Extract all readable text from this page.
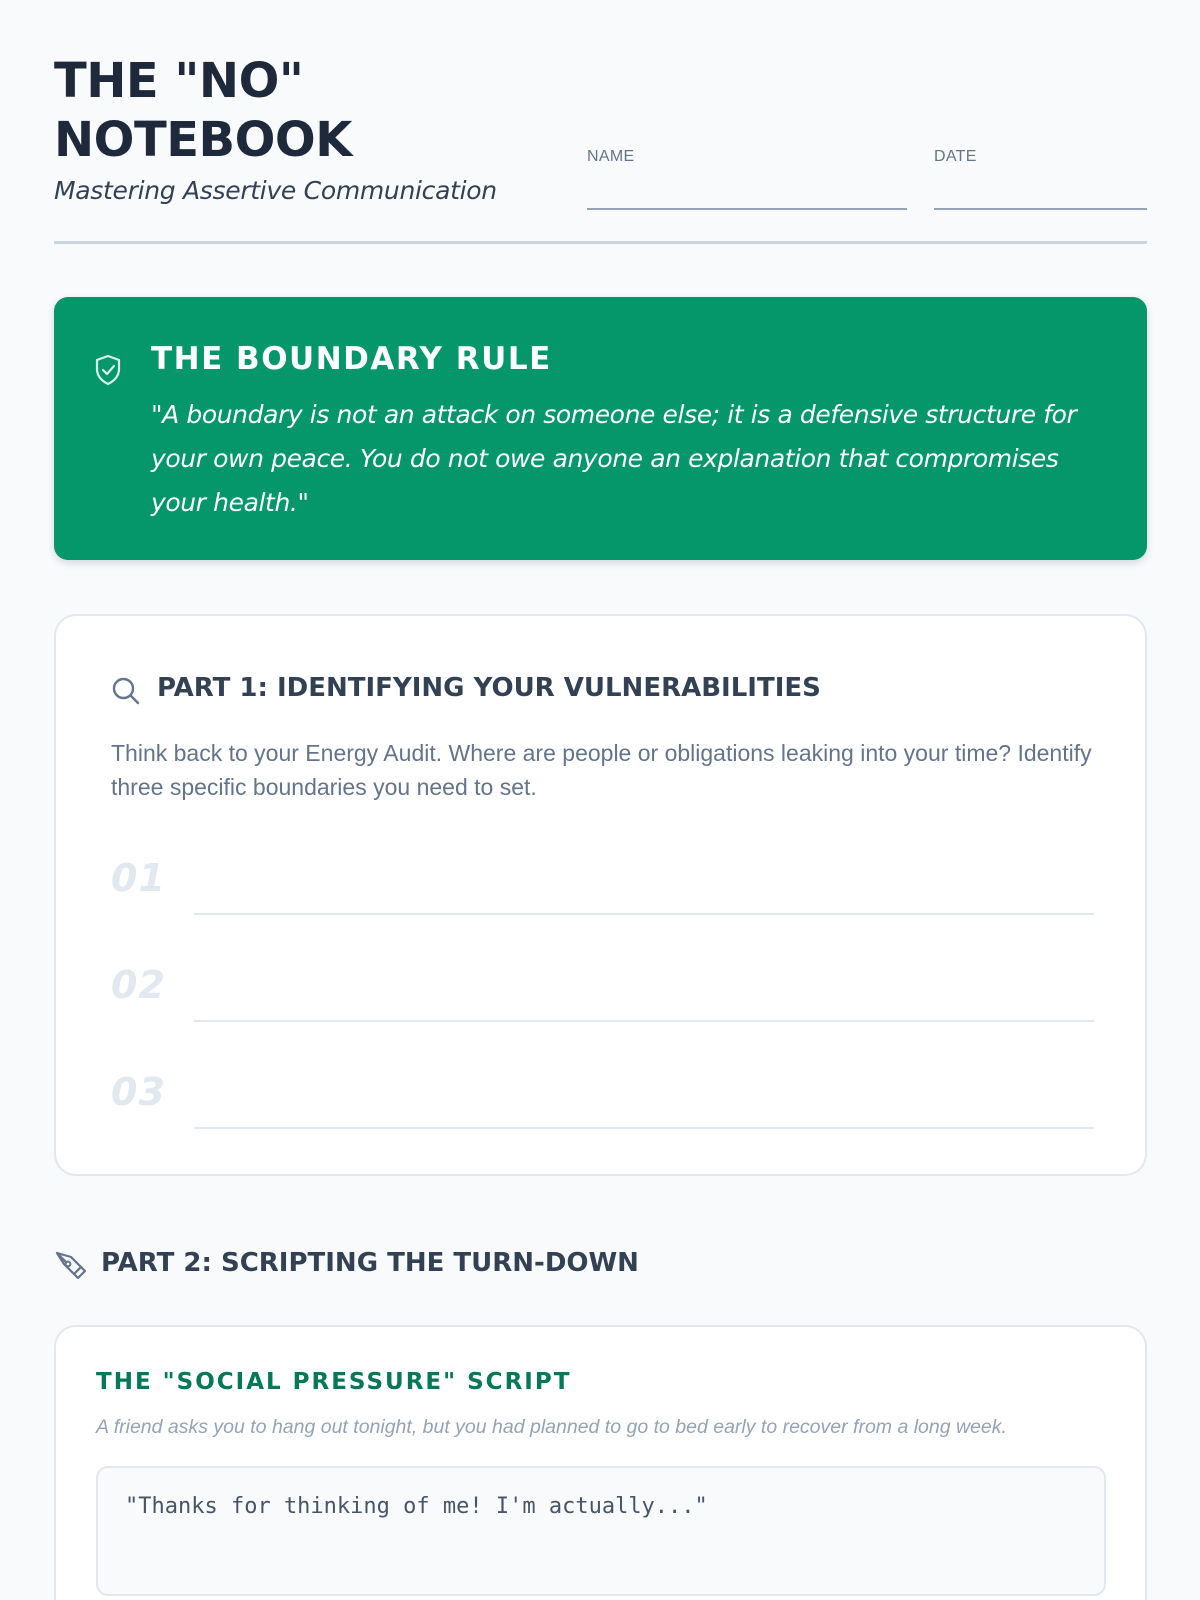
THE "NO"
NOTEBOOK
Mastering Assertive Communication
NAME	DATE
THE BOUNDARY RULE
"A boundary is not an attack on someone else; it is a defensive structure for your own peace. You do not owe anyone an explanation that compromises your health."
PART 1: IDENTIFYING YOUR VULNERABILITIES
Think back to your Energy Audit. Where are people or obligations leaking into your time? Identify three specific boundaries you need to set.
01
02
03
PART 2: SCRIPTING THE TURN-DOWN
THE "SOCIAL PRESSURE" SCRIPT
A friend asks you to hang out tonight, but you had planned to go to bed early to recover from a long week.
"Thanks for thinking of me! I'm actually..."
